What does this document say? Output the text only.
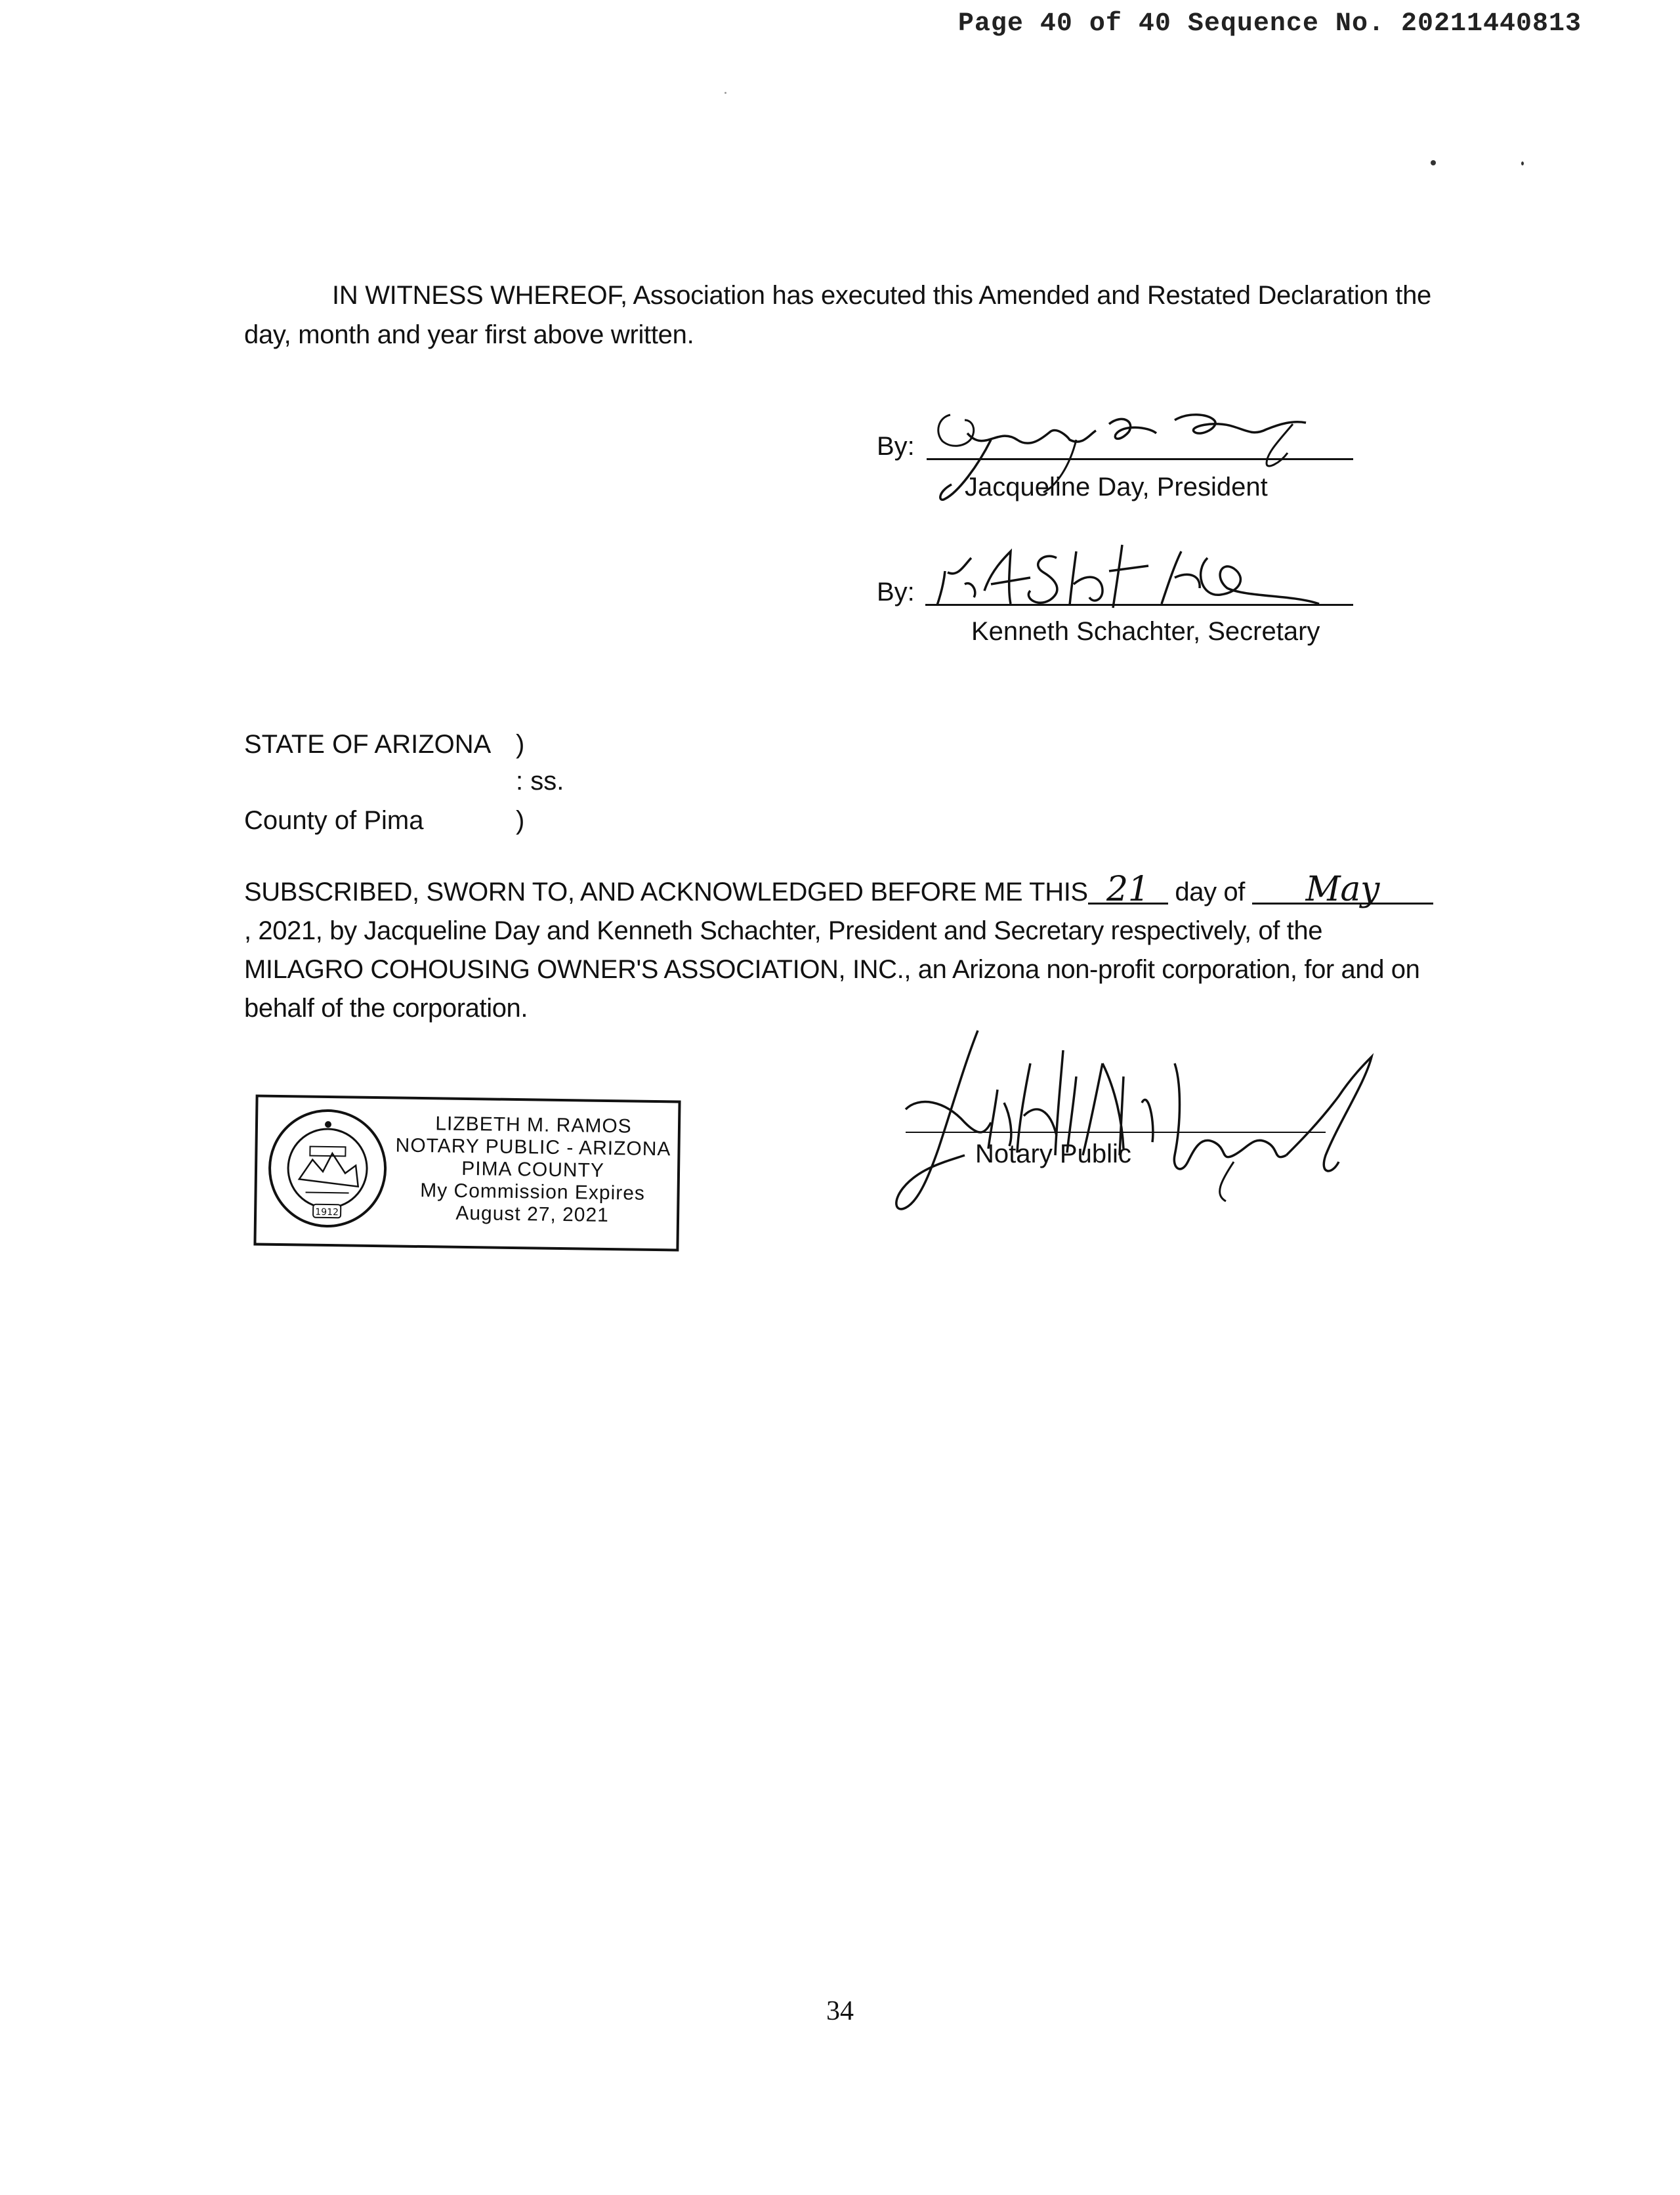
Page 40 of 40 Sequence No. 20211440813
IN WITNESS WHEREOF, Association has executed this Amended and Restated Declaration the day, month and year first above written.
By:
Jacqueline Day, President
By:
Kenneth Schachter, Secretary
STATE OF ARIZONA )
: ss.
County of Pima	)
SUBSCRIBED, SWORN TO, AND ACKNOWLEDGED BEFORE ME THIS 21 day of May, 2021, by Jacqueline Day and Kenneth Schachter, President and Secretary respectively, of the MILAGRO COHOUSING OWNER'S ASSOCIATION, INC., an Arizona non-profit corporation, for and on behalf of the corporation.
Notary Public
1912
LIZBETH M. RAMOS
NOTARY PUBLIC - ARIZONA
PIMA COUNTY
My Commission Expires
August 27, 2021
34
